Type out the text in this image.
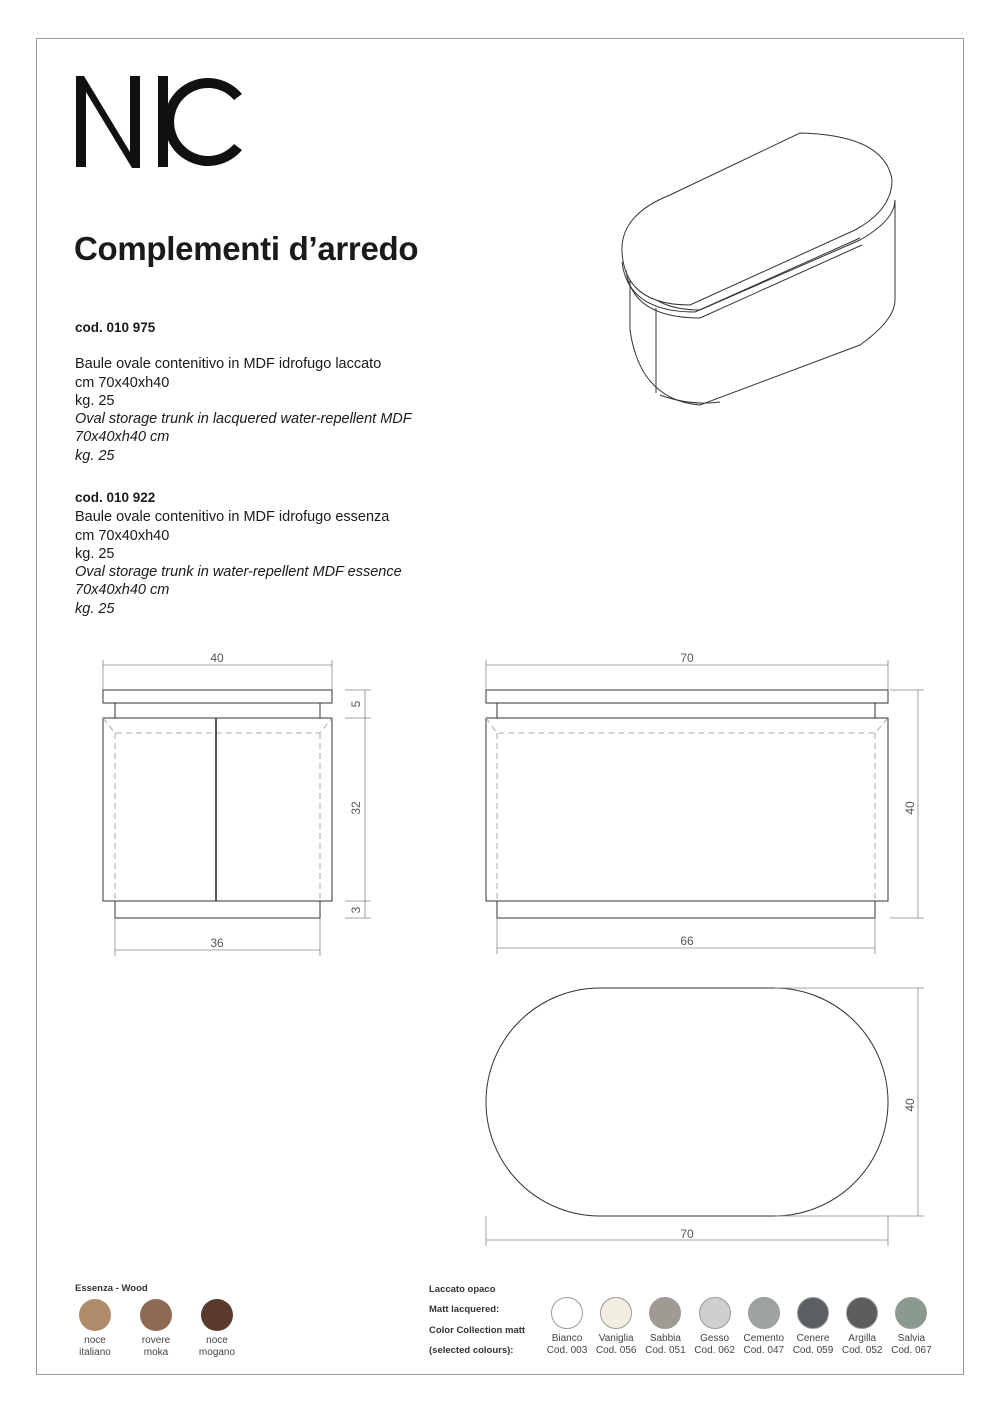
Complementi d’arredo
cod. 010 975
Baule ovale contenitivo in MDF idrofugo laccato
cm 70x40xh40
kg. 25
Oval storage trunk in lacquered water-repellent MDF
70x40xh40 cm
kg. 25
cod. 010 922
Baule ovale contenitivo in MDF idrofugo essenza
cm 70x40xh40
kg. 25
Oval storage trunk in water-repellent MDF essence
70x40xh40 cm
kg. 25
40
36
5
32
3
70
66
40
70
40
Essenza - Wood
noce
italiano
rovere
moka
noce
mogano
Laccato opaco
Matt lacquered:
Color Collection matt
(selected colours):
Bianco
Cod. 003
Vaniglia
Cod. 056
Sabbia
Cod. 051
Gesso
Cod. 062
Cemento
Cod. 047
Cenere
Cod. 059
Argilla
Cod. 052
Salvia
Cod. 067
